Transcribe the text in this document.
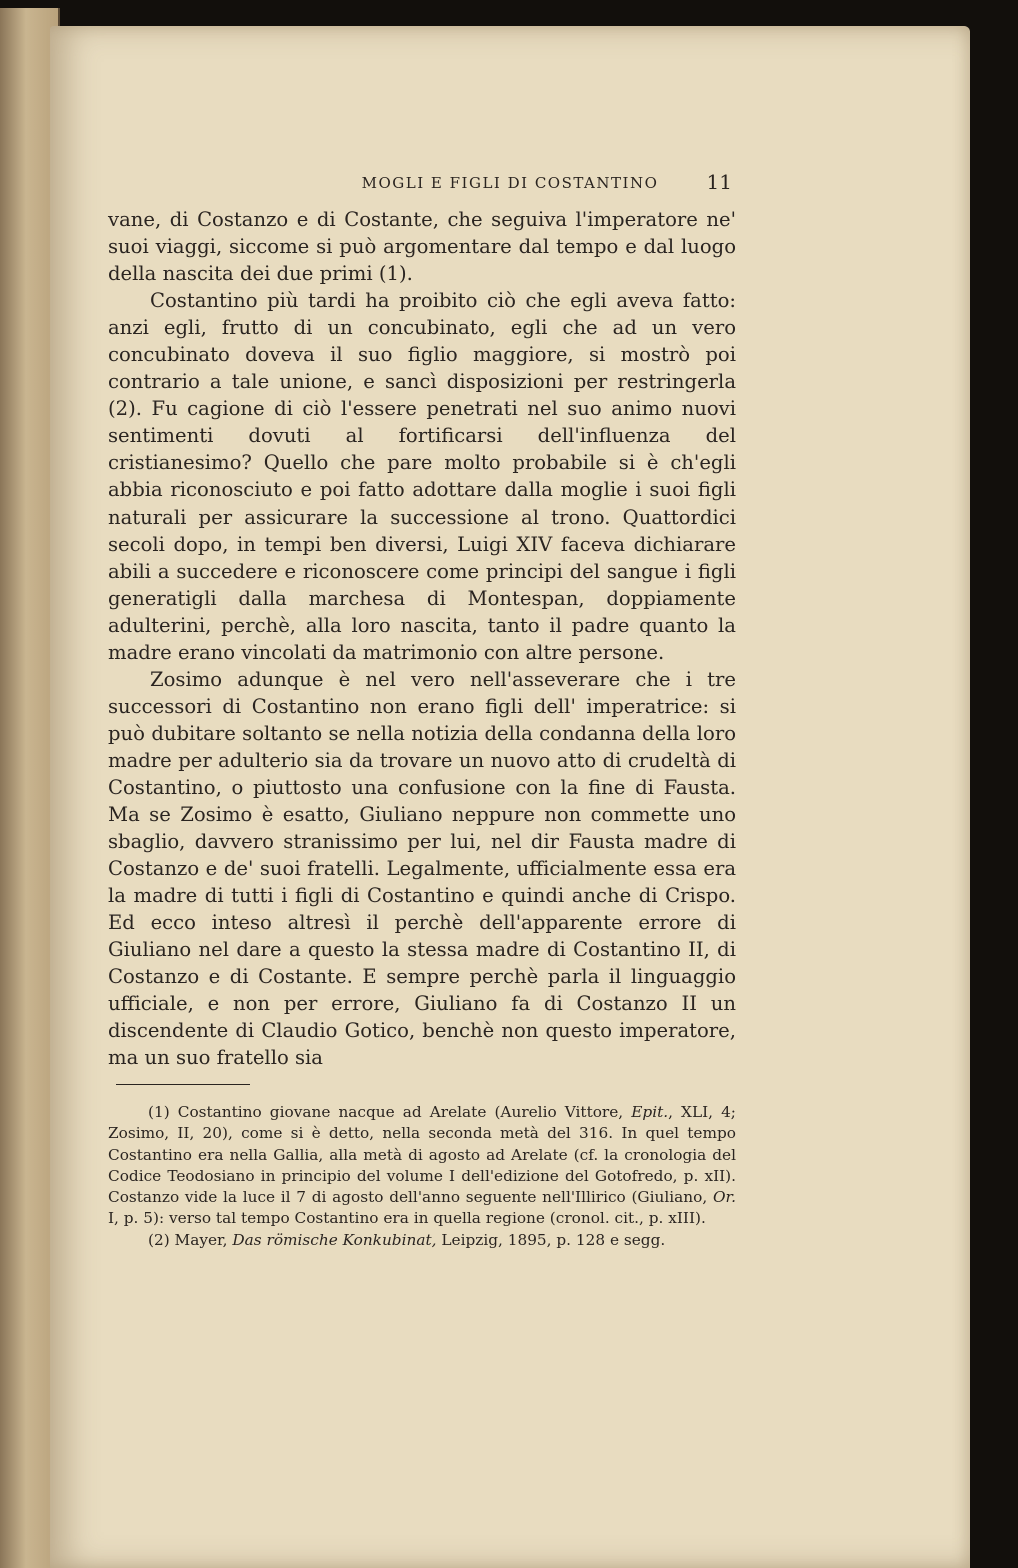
MOGLI E FIGLI DI COSTANTINO	11

vane, di Costanzo e di Costante, che seguiva l'imperatore ne' suoi viaggi, siccome si può argomentare dal tempo e dal luogo della nascita dei due primi (1).

Costantino più tardi ha proibito ciò che egli aveva fatto: anzi egli, frutto di un concubinato, egli che ad un vero concubinato doveva il suo figlio maggiore, si mostrò poi contrario a tale unione, e sancì disposizioni per restringerla (2). Fu cagione di ciò l'essere penetrati nel suo animo nuovi sentimenti dovuti al fortificarsi dell'influenza del cristianesimo? Quello che pare molto probabile si è ch'egli abbia riconosciuto e poi fatto adottare dalla moglie i suoi figli naturali per assicurare la successione al trono. Quattordici secoli dopo, in tempi ben diversi, Luigi XIV faceva dichiarare abili a succedere e riconoscere come principi del sangue i figli generatigli dalla marchesa di Montespan, doppiamente adulterini, perchè, alla loro nascita, tanto il padre quanto la madre erano vincolati da matrimonio con altre persone.

Zosimo adunque è nel vero nell'asseverare che i tre successori di Costantino non erano figli dell' imperatrice: si può dubitare soltanto se nella notizia della condanna della loro madre per adulterio sia da trovare un nuovo atto di crudeltà di Costantino, o piuttosto una confusione con la fine di Fausta. Ma se Zosimo è esatto, Giuliano neppure non commette uno sbaglio, davvero stranissimo per lui, nel dir Fausta madre di Costanzo e de' suoi fratelli. Legalmente, ufficialmente essa era la madre di tutti i figli di Costantino e quindi anche di Crispo. Ed ecco inteso altresì il perchè dell'apparente errore di Giuliano nel dare a questo la stessa madre di Costantino II, di Costanzo e di Costante. E sempre perchè parla il linguaggio ufficiale, e non per errore, Giuliano fa di Costanzo II un discendente di Claudio Gotico, benchè non questo imperatore, ma un suo fratello sia

(1) Costantino giovane nacque ad Arelate (Aurelio Vittore, Epit., XLI, 4; Zosimo, II, 20), come si è detto, nella seconda metà del 316. In quel tempo Costantino era nella Gallia, alla metà di agosto ad Arelate (cf. la cronologia del Codice Teodosiano in principio del volume I dell'edizione del Gotofredo, p. xII). Costanzo vide la luce il 7 di agosto dell'anno seguente nell'Illirico (Giuliano, Or. I, p. 5): verso tal tempo Costantino era in quella regione (cronol. cit., p. xIII).

(2) Mayer, Das römische Konkubinat, Leipzig, 1895, p. 128 e segg.
